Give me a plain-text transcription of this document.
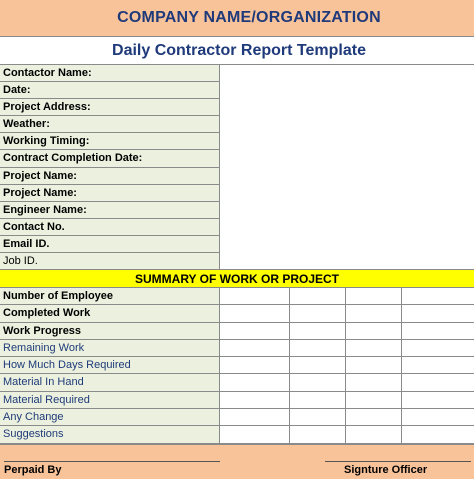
COMPANY NAME/ORGANIZATION
Daily Contractor Report Template
Contactor Name:
Date:
Project Address:
Weather:
Working Timing:
Contract Completion Date:
Project Name:
Project Name:
Engineer Name:
Contact No.
Email ID.
Job ID.
SUMMARY OF WORK OR PROJECT
Number of Employee
Completed Work
Work Progress
Remaining Work
How Much Days Required
Material In Hand
Material Required
Any Change
Suggestions
Perpaid By	Signture Officer
